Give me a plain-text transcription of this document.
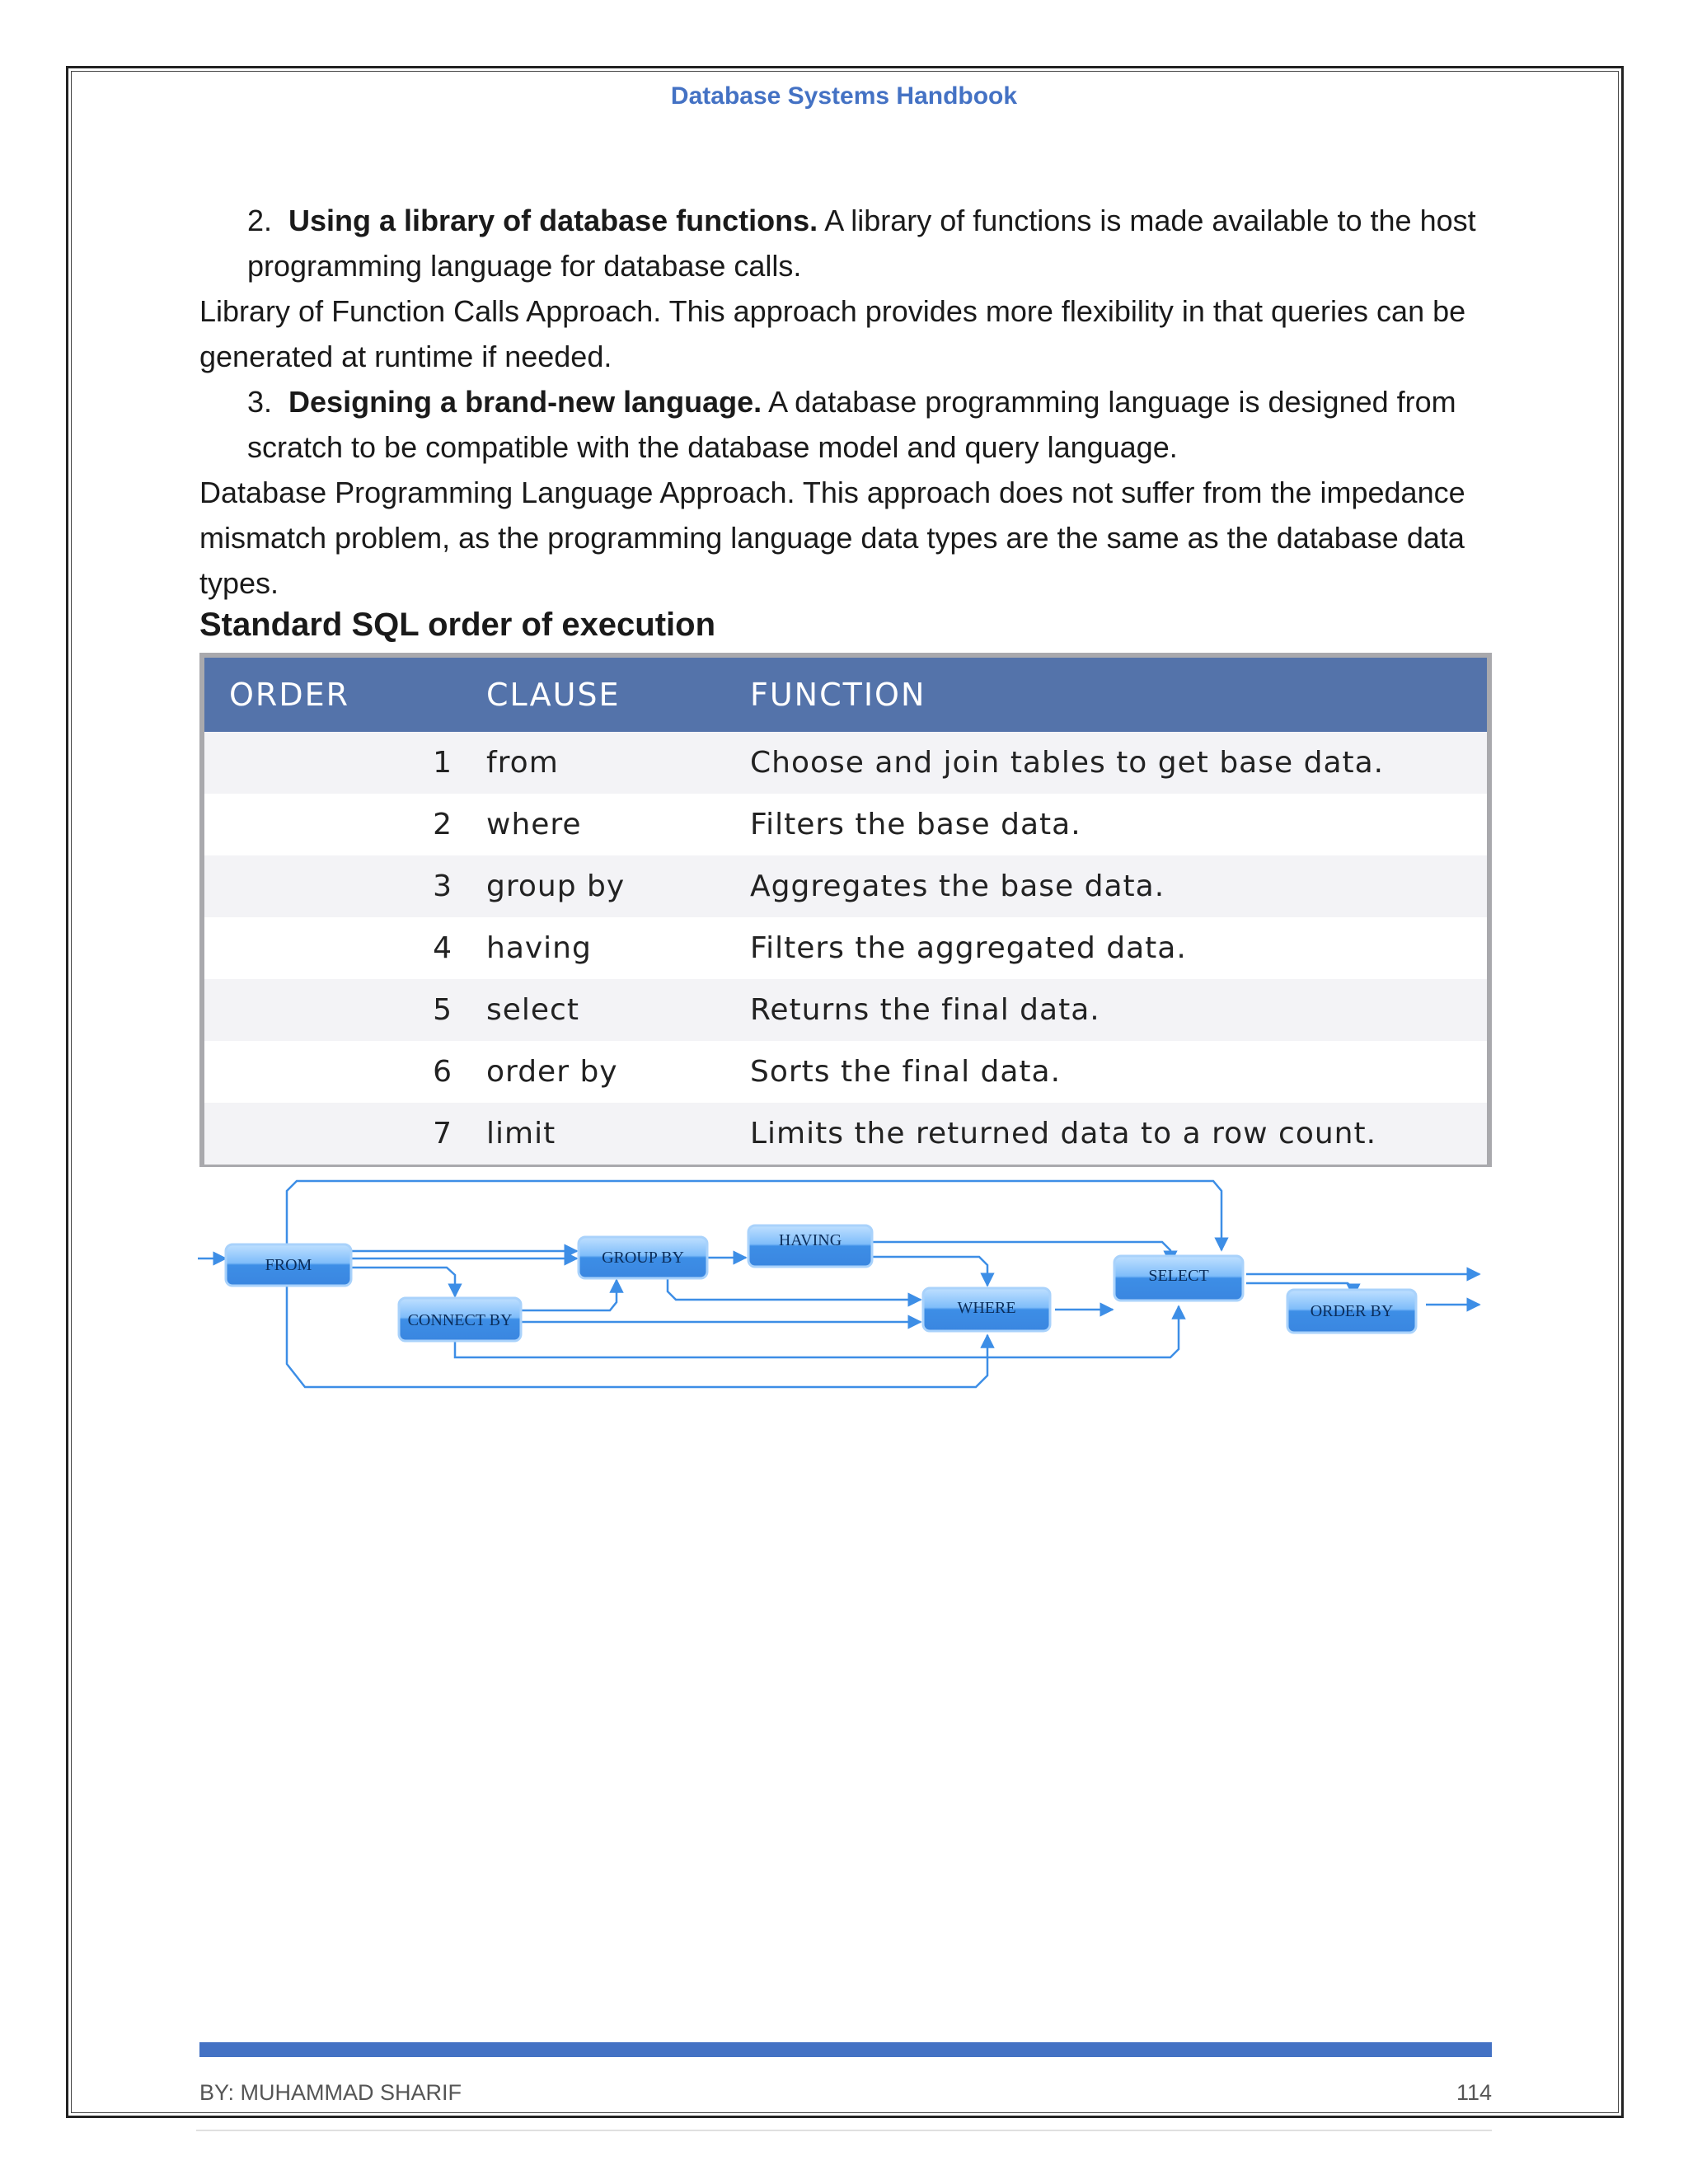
Database Systems Handbook

2. Using a library of database functions. A library of functions is made available to the host programming language for database calls.

Library of Function Calls Approach. This approach provides more flexibility in that queries can be generated at runtime if needed.

3. Designing a brand-new language. A database programming language is designed from scratch to be compatible with the database model and query language.

Database Programming Language Approach. This approach does not suffer from the impedance mismatch problem, as the programming language data types are the same as the database data types.

Standard SQL order of execution
ORDER	CLAUSE	FUNCTION
1	from	Choose and join tables to get base data.
2	where	Filters the base data.
3	group by	Aggregates the base data.
4	having	Filters the aggregated data.
5	select	Returns the final data.
6	order by	Sorts the final data.
7	limit	Limits the returned data to a row count.
FROM	GROUP BY
HAVING
CONNECT BY
WHERE
SELECT
ORDER BY
BY: MUHAMMAD SHARIF	114
